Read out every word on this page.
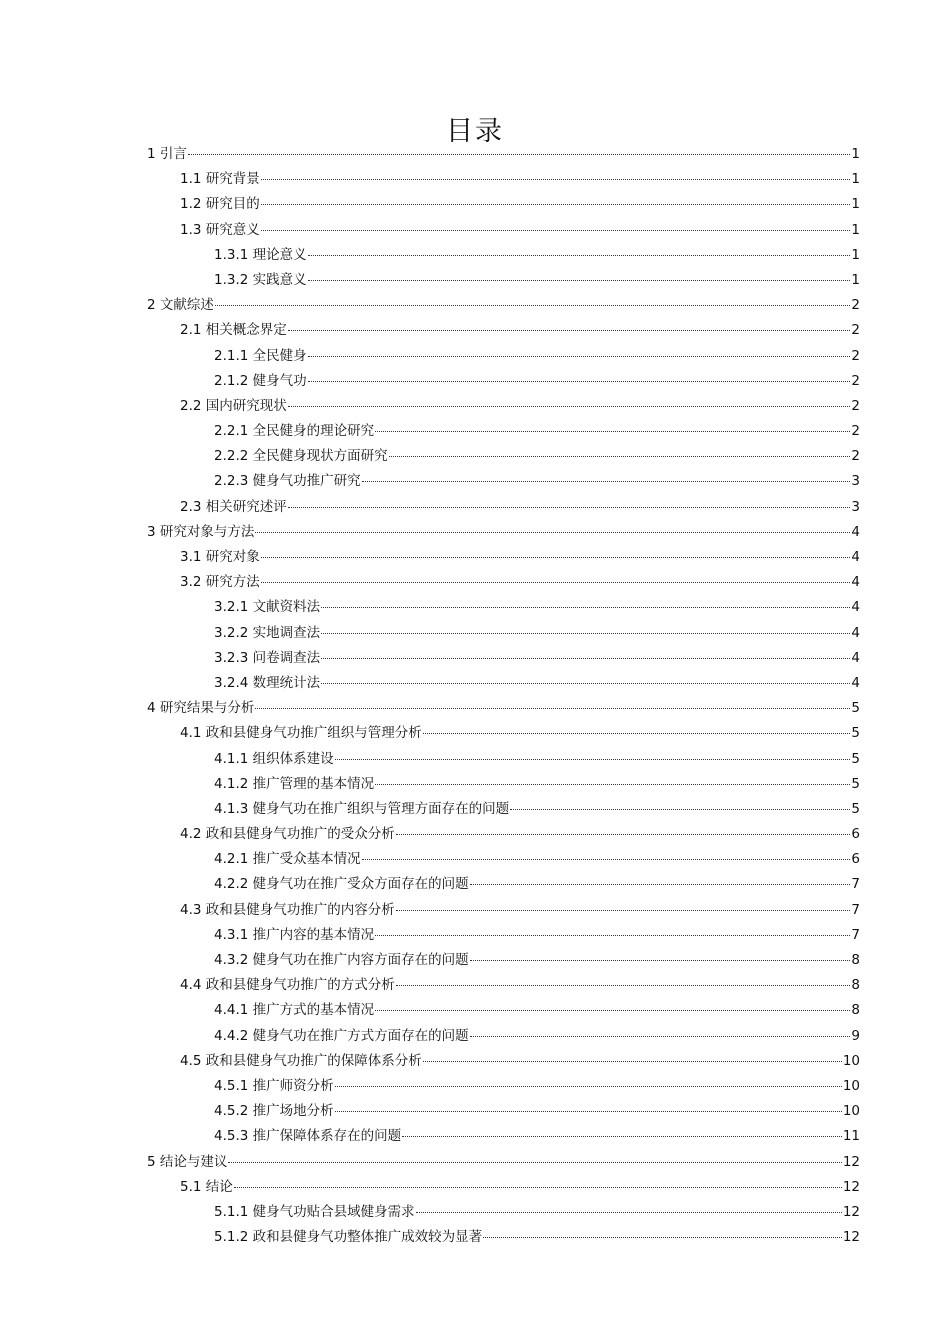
目录
1 引言	1
1.1 研究背景	1
1.2 研究目的	1
1.3 研究意义	1
1.3.1 理论意义	1
1.3.2 实践意义	1
2 文献综述	2
2.1 相关概念界定	2
2.1.1 全民健身	2
2.1.2 健身气功	2
2.2 国内研究现状	2
2.2.1 全民健身的理论研究	2
2.2.2 全民健身现状方面研究	2
2.2.3 健身气功推广研究	3
2.3 相关研究述评	3
3 研究对象与方法	4
3.1 研究对象	4
3.2 研究方法	4
3.2.1 文献资料法	4
3.2.2 实地调查法	4
3.2.3 问卷调查法	4
3.2.4 数理统计法	4
4 研究结果与分析	5
4.1 政和县健身气功推广组织与管理分析	5
4.1.1 组织体系建设	5
4.1.2 推广管理的基本情况	5
4.1.3 健身气功在推广组织与管理方面存在的问题	5
4.2 政和县健身气功推广的受众分析	6
4.2.1 推广受众基本情况	6
4.2.2 健身气功在推广受众方面存在的问题	7
4.3 政和县健身气功推广的内容分析	7
4.3.1 推广内容的基本情况	7
4.3.2 健身气功在推广内容方面存在的问题	8
4.4 政和县健身气功推广的方式分析	8
4.4.1 推广方式的基本情况	8
4.4.2 健身气功在推广方式方面存在的问题	9
4.5 政和县健身气功推广的保障体系分析	10
4.5.1 推广师资分析	10
4.5.2 推广场地分析	10
4.5.3 推广保障体系存在的问题	11
5 结论与建议	12
5.1 结论	12
5.1.1 健身气功贴合县域健身需求	12
5.1.2 政和县健身气功整体推广成效较为显著	12
